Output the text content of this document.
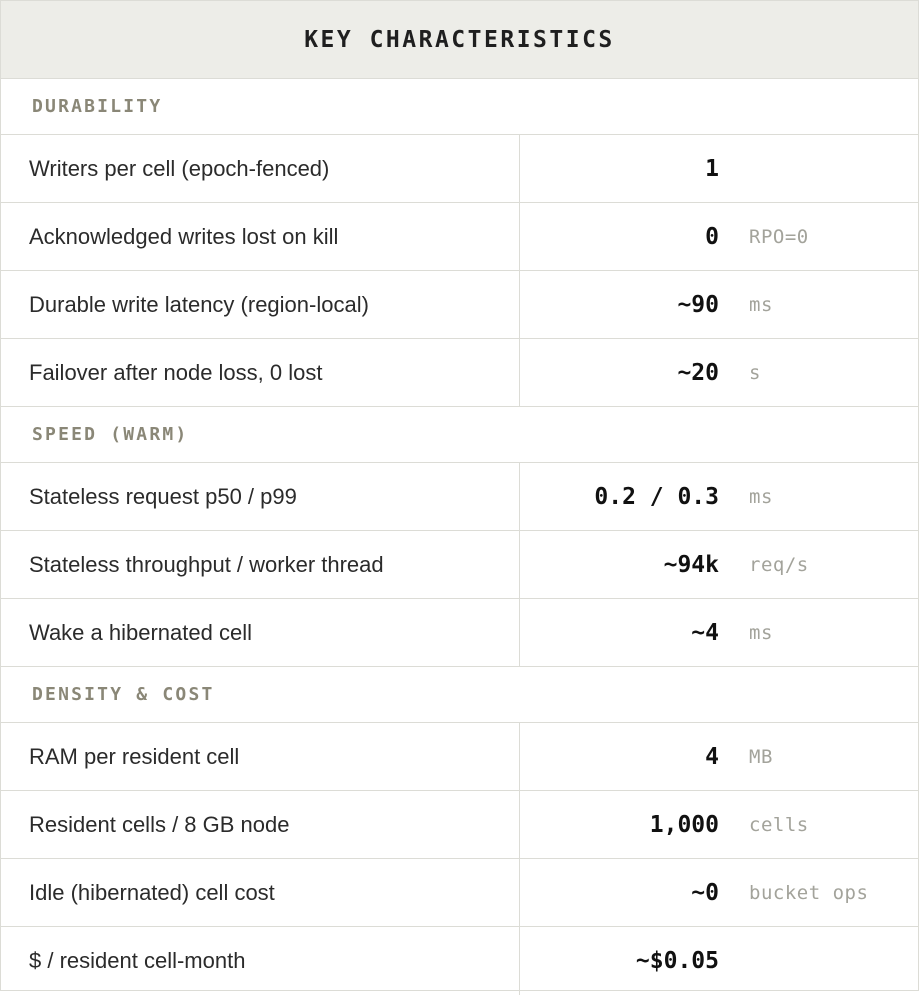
KEY CHARACTERISTICS
DURABILITY
Writers per cell (epoch-fenced)	1
Acknowledged writes lost on kill	0 RPO=0
Durable write latency (region-local)	~90 ms
Failover after node loss, 0 lost	~20 s
SPEED (WARM)
Stateless request p50 / p99	0.2 / 0.3 ms
Stateless throughput / worker thread	~94k req/s
Wake a hibernated cell	~4 ms
DENSITY & COST
RAM per resident cell	4 MB
Resident cells / 8 GB node	1,000 cells
Idle (hibernated) cell cost	~0 bucket ops
$ / resident cell-month	~$0.05
